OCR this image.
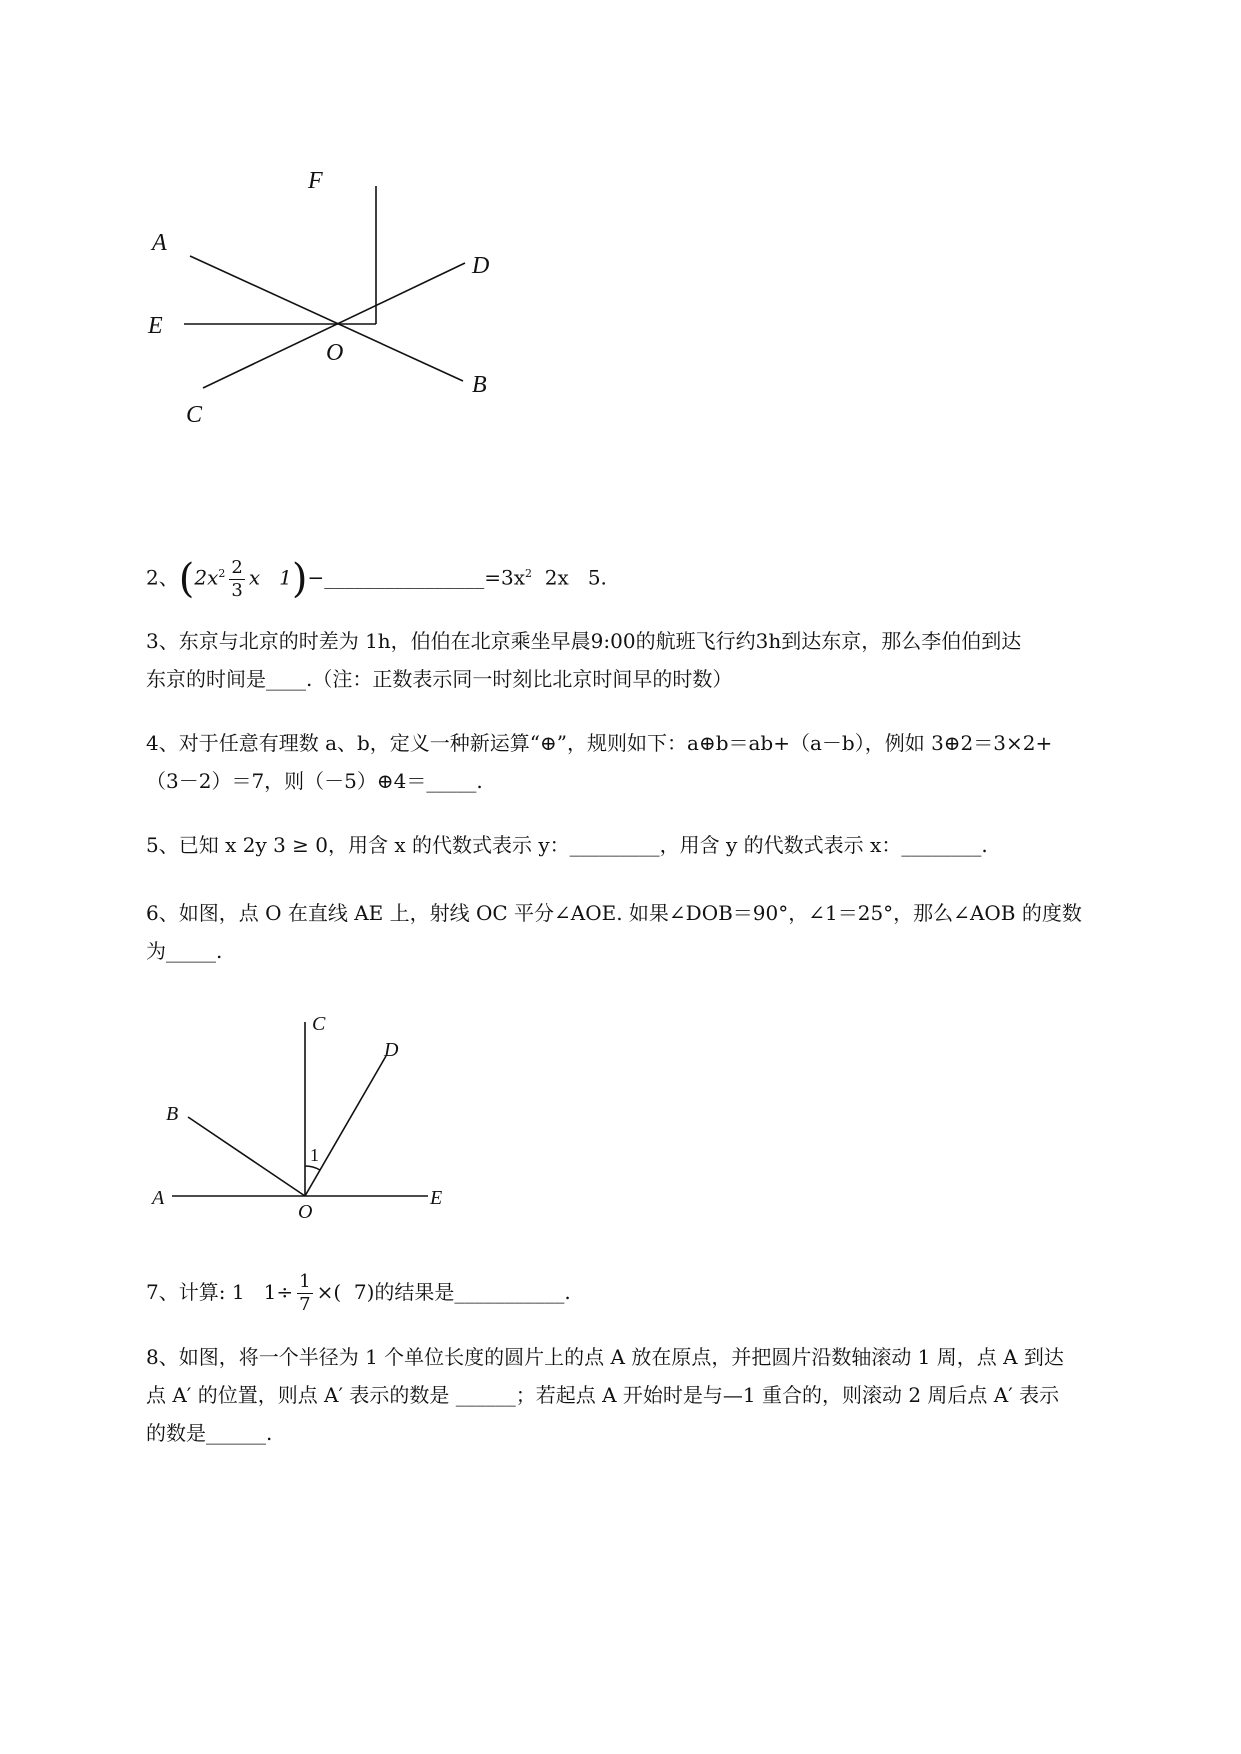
F
A
D
E
O
B
C
2、($2x^2 \frac{2}{3}$ x   $1)-\_\_\_\_\_\_\_\_\_\_\_\_\_\_\_\_=3x^2$  2x   5.
3、东京与北京的时差为 1h，伯伯在北京乘坐早晨9:00的航班飞行约3h到达东京，那么李伯伯到达
东京的时间是____.（注：正数表示同一时刻比北京时间早的时数）
4、对于任意有理数 a、b，定义一种新运算“⊕”，规则如下：a⊕b＝ab+（a－b），例如 3⊕2＝3×2+
（3－2）＝7，则（－5）⊕4＝_____.
5、已知 x 2y 3 ≥ 0，用含 x 的代数式表示 y：_________，用含 y 的代数式表示 x：________.
6、如图，点 O 在直线 AE 上，射线 OC 平分∠AOE. 如果∠DOB＝90°，∠1＝25°，那么∠AOB 的度数
为_____.
C
D
B
1
A
O
E
7、计算: 1   $1\div \frac{1}{7}$ ×(  7)的结果是___________.
8、如图，将一个半径为 1 个单位长度的圆片上的点 A 放在原点，并把圆片沿数轴滚动 1 周，点 A 到达
点 A′ 的位置，则点 A′ 表示的数是 ______；若起点 A 开始时是与—1 重合的，则滚动 2 周后点 A′ 表示
的数是______.
